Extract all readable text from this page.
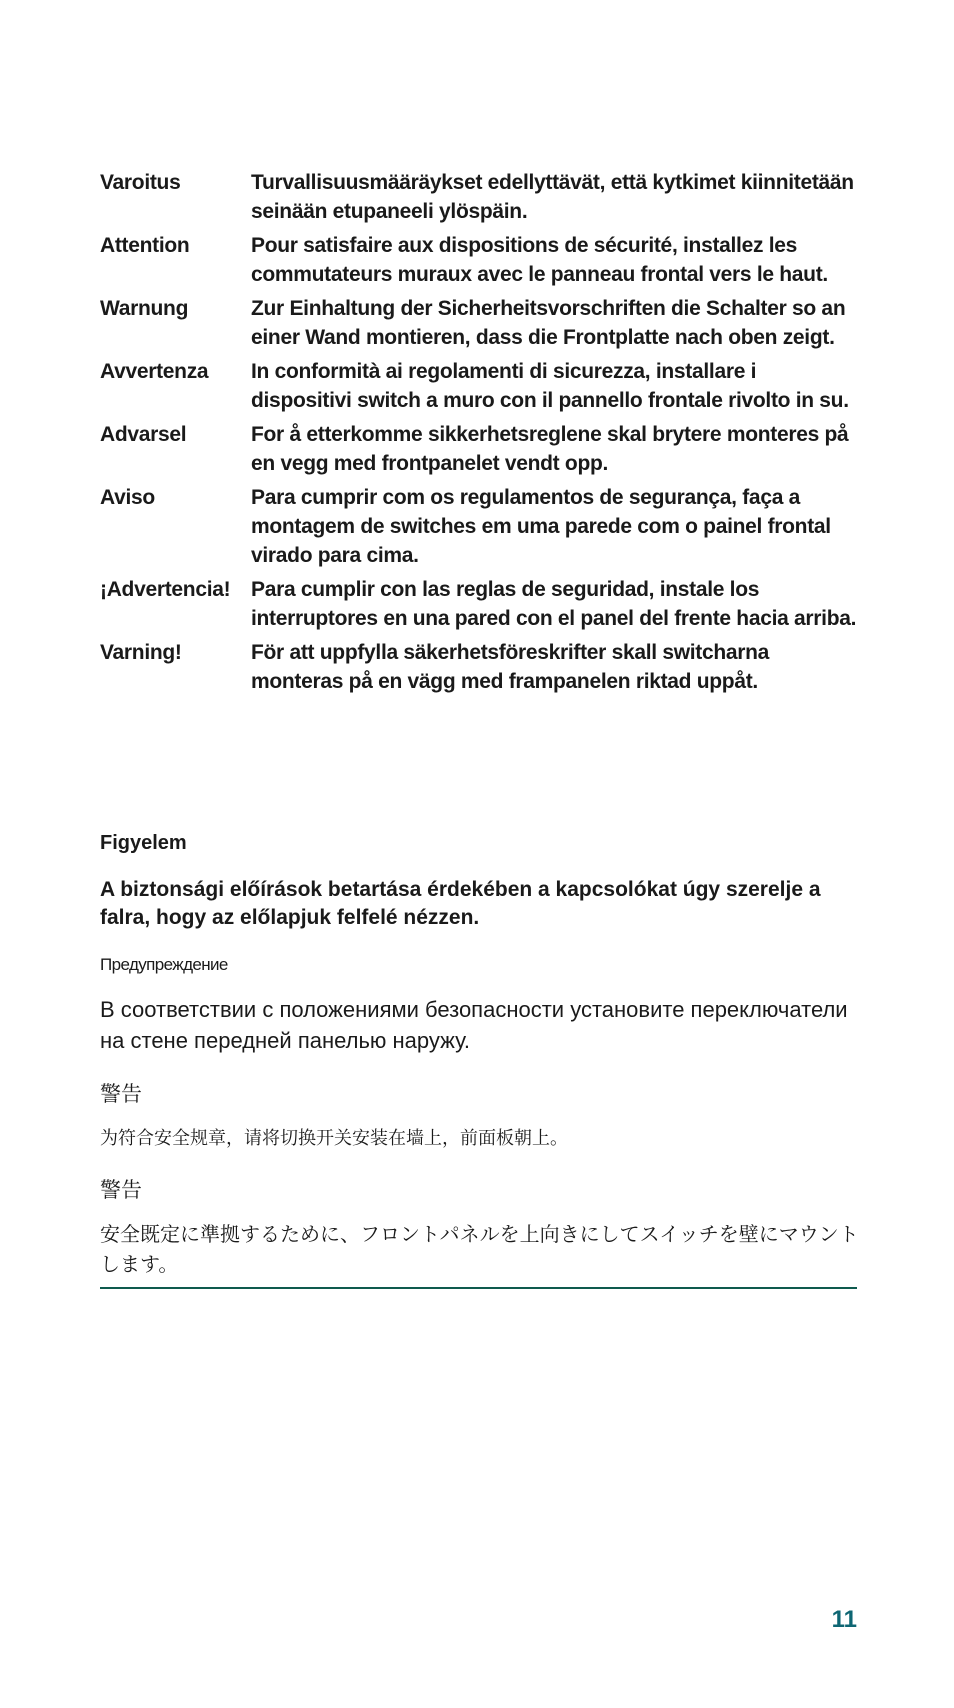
Varoitus	Turvallisuusmääräykset edellyttävät, että kytkimet kiinnitetään seinään etupaneeli ylöspäin.
Attention	Pour satisfaire aux dispositions de sécurité, installez les commutateurs muraux avec le panneau frontal vers le haut.
Warnung	Zur Einhaltung der Sicherheitsvorschriften die Schalter so an einer Wand montieren, dass die Frontplatte nach oben zeigt.
Avvertenza	In conformità ai regolamenti di sicurezza, installare i dispositivi switch a muro con il pannello frontale rivolto in su.
Advarsel	For å etterkomme sikkerhetsreglene skal brytere monteres på en vegg med frontpanelet vendt opp.
Aviso	Para cumprir com os regulamentos de segurança, faça a montagem de switches em uma parede com o painel frontal virado para cima.
¡Advertencia! Para cumplir con las reglas de seguridad, instale los interruptores en una pared con el panel del frente hacia arriba.
Varning!	För att uppfylla säkerhetsföreskrifter skall switcharna monteras på en vägg med frampanelen riktad uppåt.
Figyelem
A biztonsági előírások betartása érdekében a kapcsolókat úgy szerelje a falra, hogy az előlapjuk felfelé nézzen.
Предупреждение
В соответствии с положениями безопасности установите переключатели на стене передней панелью наружу.
警告
为符合安全规章，请将切换开关安装在墙上，前面板朝上。
警告
安全既定に準拠するために、フロントパネルを上向きにしてスイッチを壁にマウントします。
11
